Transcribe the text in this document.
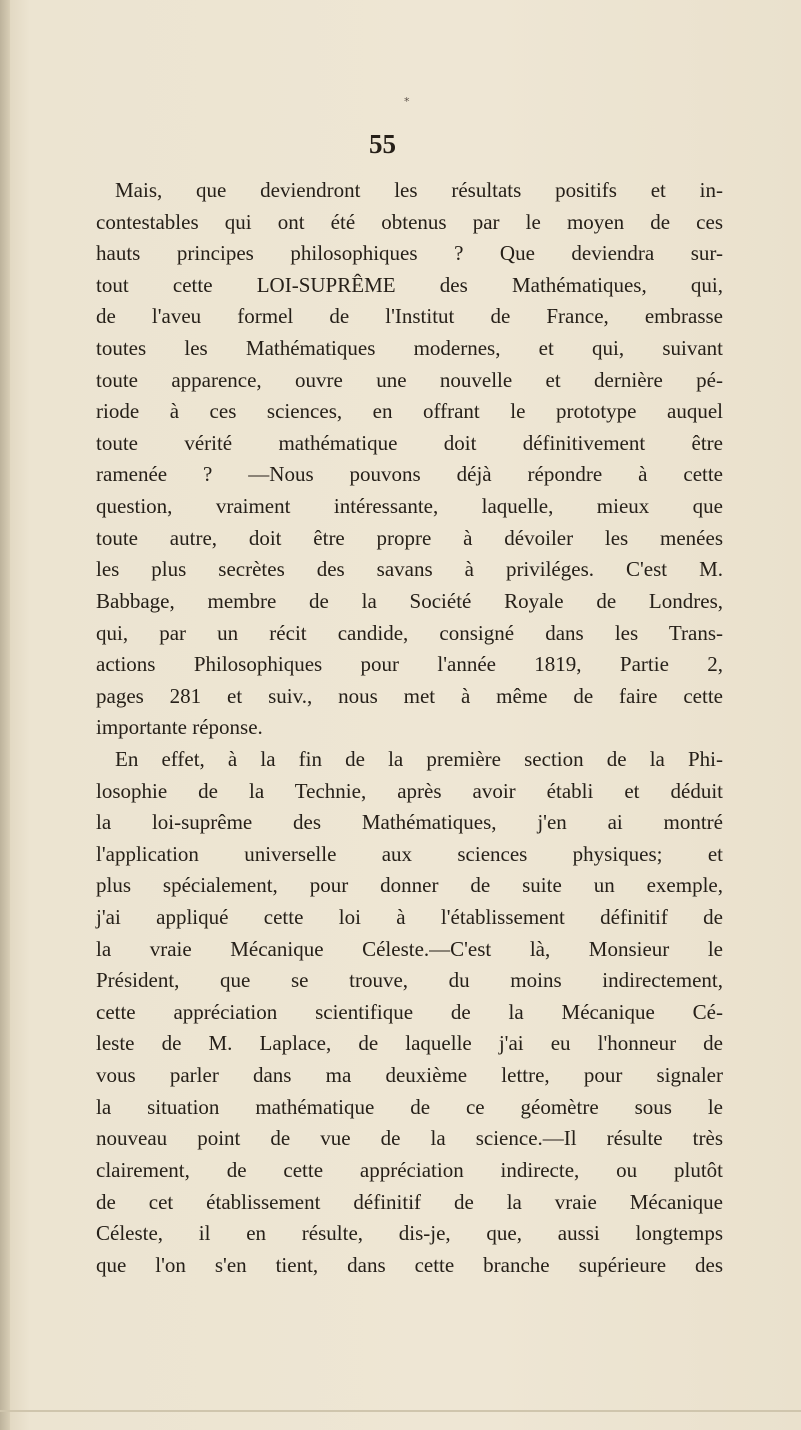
*
55
Mais, que deviendront les résultats positifs et in-
contestables qui ont été obtenus par le moyen de ces
hauts principes philosophiques ? Que deviendra sur-
tout cette LOI-SUPRÊME des Mathématiques, qui,
de l'aveu formel de l'Institut de France, embrasse
toutes les Mathématiques modernes, et qui, suivant
toute apparence, ouvre une nouvelle et dernière pé-
riode à ces sciences, en offrant le prototype auquel
toute vérité mathématique doit définitivement être
ramenée ? —Nous pouvons déjà répondre à cette
question, vraiment intéressante, laquelle, mieux que
toute autre, doit être propre à dévoiler les menées
les plus secrètes des savans à priviléges. C'est M.
Babbage, membre de la Société Royale de Londres,
qui, par un récit candide, consigné dans les Trans-
actions Philosophiques pour l'année 1819, Partie 2,
pages 281 et suiv., nous met à même de faire cette
importante réponse.
En effet, à la fin de la première section de la Phi-
losophie de la Technie, après avoir établi et déduit
la loi-suprême des Mathématiques, j'en ai montré
l'application universelle aux sciences physiques; et
plus spécialement, pour donner de suite un exemple,
j'ai appliqué cette loi à l'établissement définitif de
la vraie Mécanique Céleste.—C'est là, Monsieur le
Président, que se trouve, du moins indirectement,
cette appréciation scientifique de la Mécanique Cé-
leste de M. Laplace, de laquelle j'ai eu l'honneur de
vous parler dans ma deuxième lettre, pour signaler
la situation mathématique de ce géomètre sous le
nouveau point de vue de la science.—Il résulte très
clairement, de cette appréciation indirecte, ou plutôt
de cet établissement définitif de la vraie Mécanique
Céleste, il en résulte, dis-je, que, aussi longtemps
que l'on s'en tient, dans cette branche supérieure des
